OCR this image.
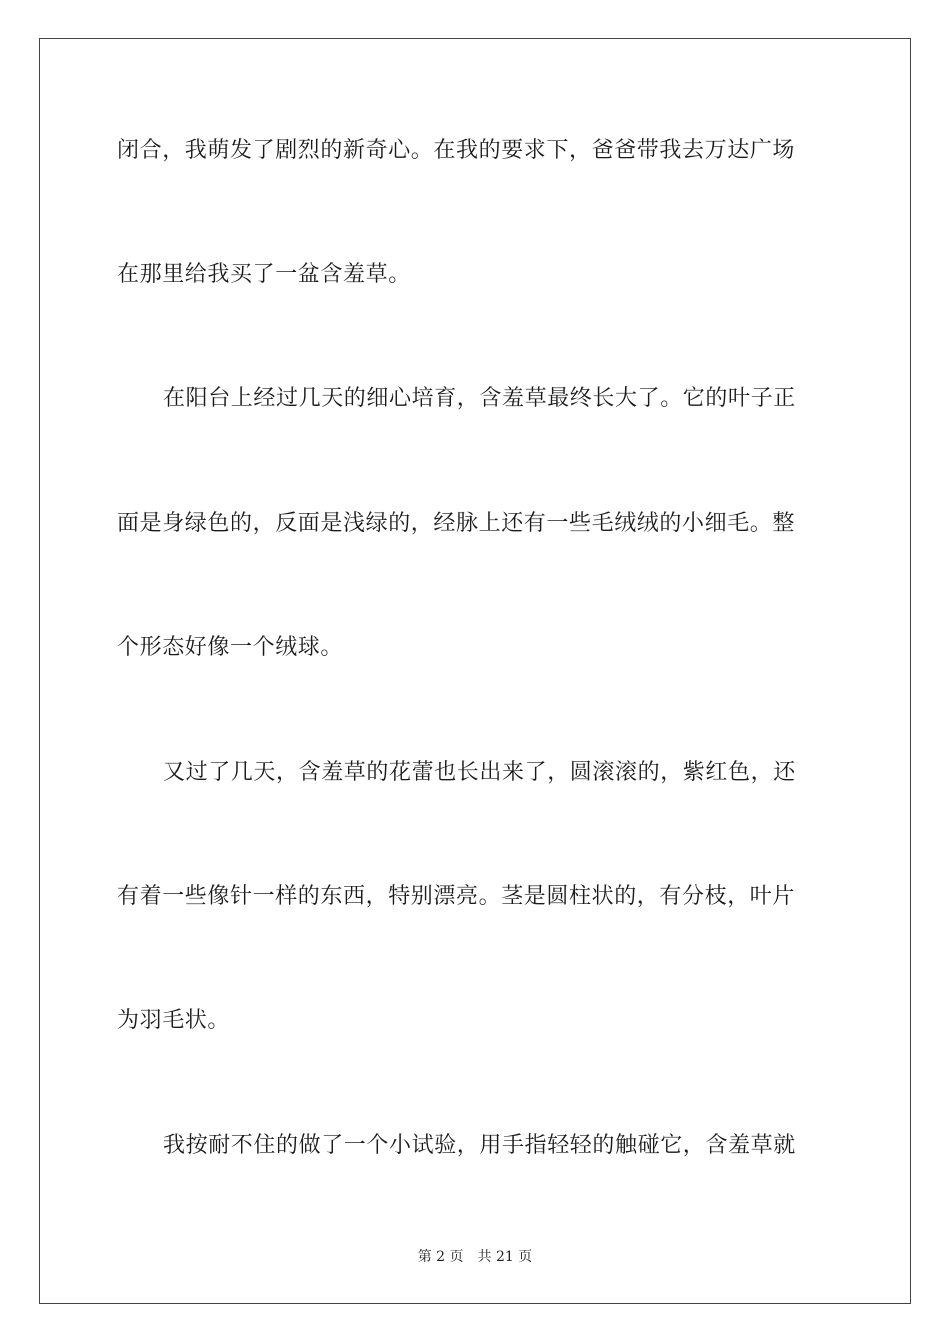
闭合，我萌发了剧烈的新奇心。在我的要求下，爸爸带我去万达广场
在那里给我买了一盆含羞草。
在阳台上经过几天的细心培育，含羞草最终长大了。它的叶子正
面是身绿色的，反面是浅绿的，经脉上还有一些毛绒绒的小细毛。整
个形态好像一个绒球。
又过了几天，含羞草的花蕾也长出来了，圆滚滚的，紫红色，还
有着一些像针一样的东西，特别漂亮。茎是圆柱状的，有分枝，叶片
为羽毛状。
我按耐不住的做了一个小试验，用手指轻轻的触碰它，含羞草就
第 2 页 共 21 页
